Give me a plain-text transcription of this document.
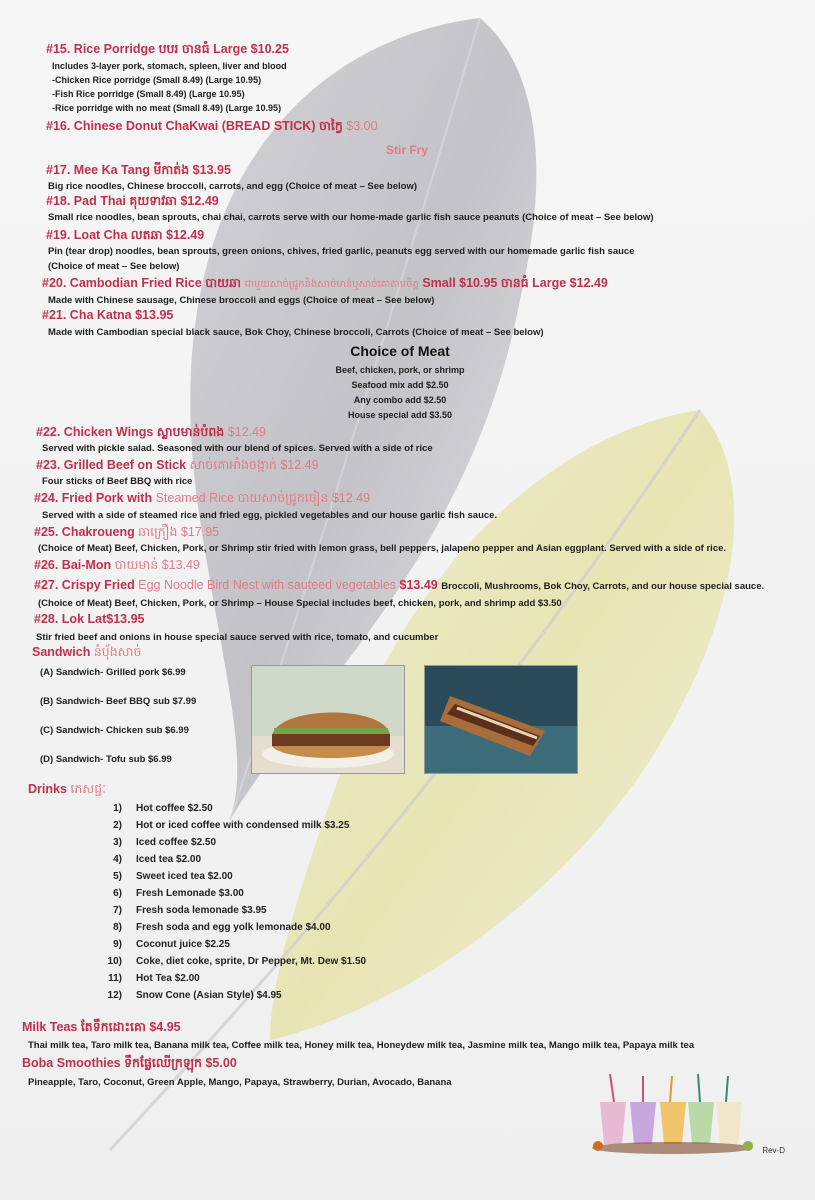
#15. Rice Porridge បបរ ចានធំ Large $10.25
Includes 3-layer pork, stomach, spleen, liver and blood
-Chicken Rice porridge (Small 8.49) (Large 10.95)
-Fish Rice porridge (Small 8.49) (Large 10.95)
-Rice porridge with no meat (Small 8.49) (Large 10.95)
#16. Chinese Donut ChaKwai (BREAD STICK) ចាក្វៃ $3.00
Stir Fry
#17. Mee Ka Tang មីកាត់ង $13.95
Big rice noodles, Chinese broccoli, carrots, and egg (Choice of meat – See below)
#18. Pad Thai គុយទាវឆា $12.49
Small rice noodles, bean sprouts, chai chai, carrots serve with our home-made garlic fish sauce peanuts (Choice of meat – See below)
#19. Loat Cha លតឆា $12.49
Pin (tear drop) noodles, bean sprouts, green onions, chives, fried garlic, peanuts egg served with our homemade garlic fish sauce
(Choice of meat – See below)
#20. Cambodian Fried Rice បាយឆា ជាមួយសាច់ជ្រូកនិងសាច់មាន់ឬសាច់គោតាមចិត្ត Small $10.95 ចានធំ Large $12.49
Made with Chinese sausage, Chinese broccoli and eggs (Choice of meat – See below)
#21. Cha Katna $13.95
Made with Cambodian special black sauce, Bok Choy, Chinese broccoli, Carrots (Choice of meat – See below)
Choice of Meat
Beef, chicken, pork, or shrimp
Seafood mix add $2.50
Any combo add $2.50
House special add $3.50
#22. Chicken Wings ស្លាបមាន់បំពង $12.49
Served with pickle salad. Seasoned with our blend of spices. Served with a side of rice
#23. Grilled Beef on Stick សាច់គោអាំងចង្កាក់ $12.49
Four sticks of Beef BBQ with rice
#24. Fried Pork with Steamed Rice បាយសាច់ជ្រូកចៀន $12.49
Served with a side of steamed rice and fried egg, pickled vegetables and our house garlic fish sauce.
#25. Chakroueng ឆាក្រឿង $17.95
(Choice of Meat) Beef, Chicken, Pork, or Shrimp stir fried with lemon grass, bell peppers, jalapeno pepper and Asian eggplant. Served with a side of rice.
#26. Bai-Mon បាយមាន់ $13.49
#27. Crispy Fried Egg Noodle Bird Nest with sauteed vegetables $13.49 Broccoli, Mushrooms, Bok Choy, Carrots, and our house special sauce.
(Choice of Meat) Beef, Chicken, Pork, or Shrimp – House Special includes beef, chicken, pork, and shrimp add $3.50
#28. Lok Lat$13.95
Stir fried beef and onions in house special sauce served with rice, tomato, and cucumber
Sandwich នំបុ័ងសាច់
(A) Sandwich- Grilled pork $6.99
(B) Sandwich- Beef BBQ sub $7.99
(C) Sandwich- Chicken sub $6.99
(D) Sandwich- Tofu sub $6.99
Drinks ភេសជ្ជៈ
1) Hot coffee $2.50
2) Hot or iced coffee with condensed milk $3.25
3) Iced coffee $2.50
4) Iced tea $2.00
5) Sweet iced tea $2.00
6) Fresh Lemonade $3.00
7) Fresh soda lemonade $3.95
8) Fresh soda and egg yolk lemonade $4.00
9) Coconut juice $2.25
10) Coke, diet coke, sprite, Dr Pepper, Mt. Dew $1.50
11) Hot Tea $2.00
12) Snow Cone (Asian Style) $4.95
Milk Teas តែទឹកដោះគោ $4.95
Thai milk tea, Taro milk tea, Banana milk tea, Coffee milk tea, Honey milk tea, Honeydew milk tea, Jasmine milk tea, Mango milk tea, Papaya milk tea
Boba Smoothies ទឹកផ្លែឈើក្រឡុក $5.00
Pineapple, Taro, Coconut, Green Apple, Mango, Papaya, Strawberry, Durian, Avocado, Banana
Rev-D
